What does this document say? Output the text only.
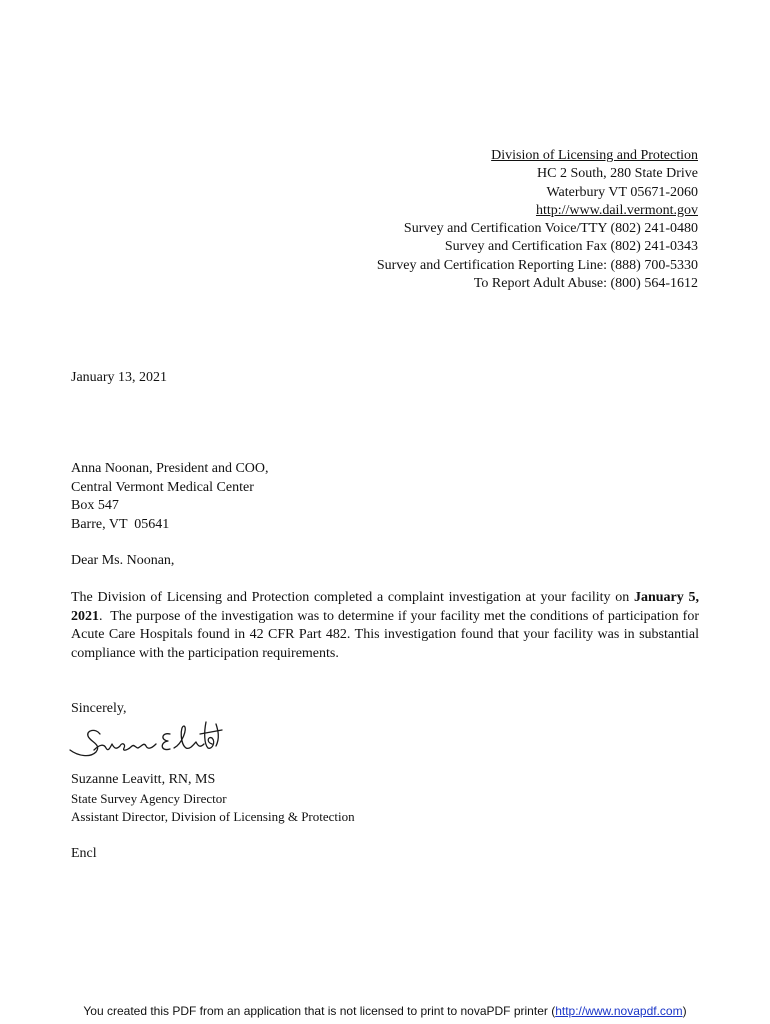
Division of Licensing and Protection
HC 2 South, 280 State Drive
Waterbury VT 05671-2060
http://www.dail.vermont.gov
Survey and Certification Voice/TTY (802) 241-0480
Survey and Certification Fax (802) 241-0343
Survey and Certification Reporting Line: (888) 700-5330
To Report Adult Abuse: (800) 564-1612
January 13, 2021
Anna Noonan, President and COO,
Central Vermont Medical Center
Box 547
Barre, VT  05641
Dear Ms. Noonan,
The Division of Licensing and Protection completed a complaint investigation at your facility on January 5, 2021.  The purpose of the investigation was to determine if your facility met the conditions of participation for Acute Care Hospitals found in 42 CFR Part 482. This investigation found that your facility was in substantial compliance with the participation requirements.
Sincerely,
Suzanne Leavitt, RN, MS
State Survey Agency Director
Assistant Director, Division of Licensing & Protection
Encl
You created this PDF from an application that is not licensed to print to novaPDF printer (http://www.novapdf.com)
